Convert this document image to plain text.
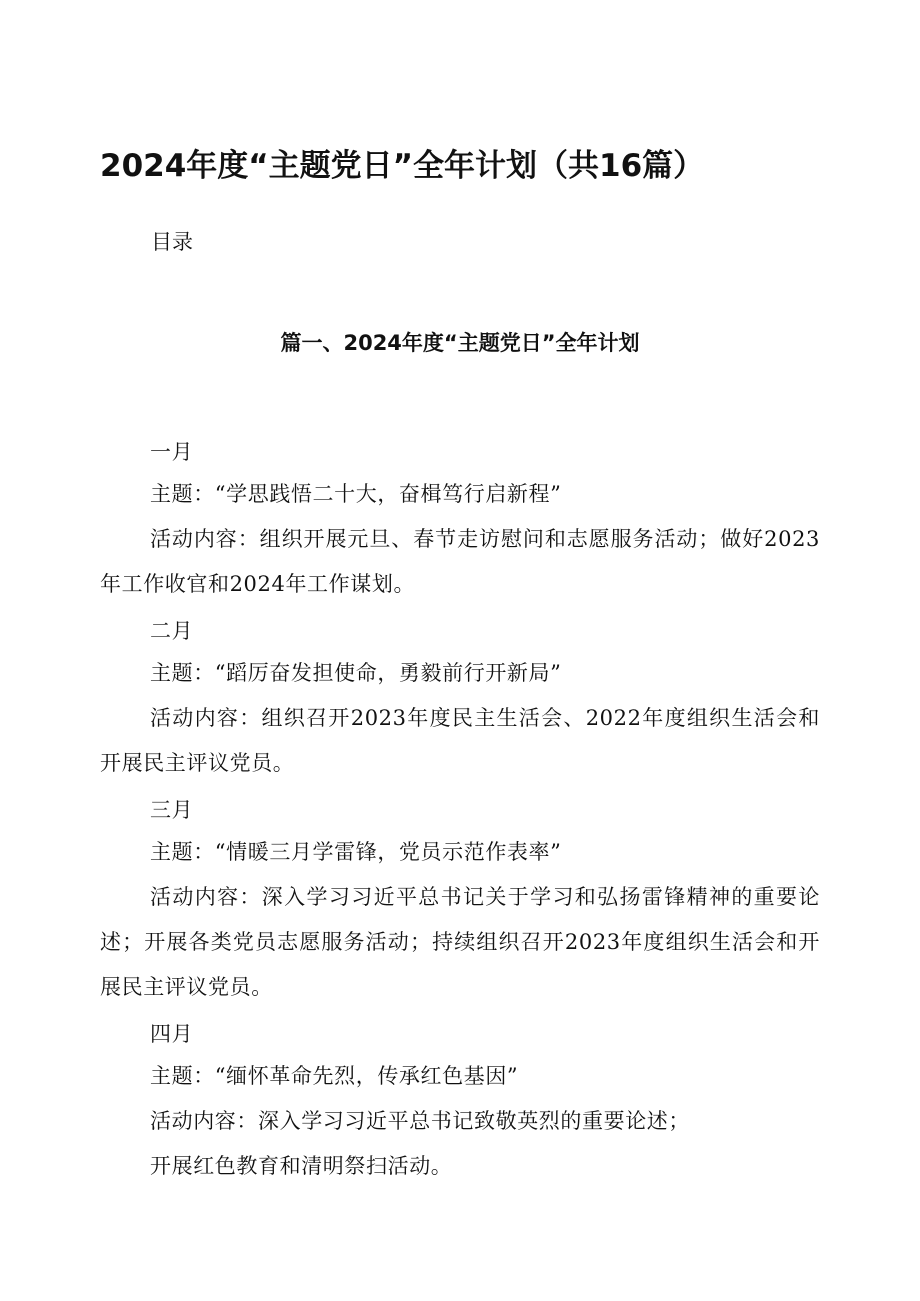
2024年度“主题党日”全年计划（共16篇）
目录
篇一、2024年度“主题党日”全年计划
一月

主题：“学思践悟二十大，奋楫笃行启新程”

活动内容：组织开展元旦、春节走访慰问和志愿服务活动；做好2023年工作收官和2024年工作谋划。

二月

主题：“蹈厉奋发担使命，勇毅前行开新局”

活动内容：组织召开2023年度民主生活会、2022年度组织生活会和开展民主评议党员。

三月

主题：“情暖三月学雷锋，党员示范作表率”

活动内容：深入学习习近平总书记关于学习和弘扬雷锋精神的重要论述；开展各类党员志愿服务活动；持续组织召开2023年度组织生活会和开展民主评议党员。

四月

主题：“缅怀革命先烈，传承红色基因”

活动内容：深入学习习近平总书记致敬英烈的重要论述；

开展红色教育和清明祭扫活动。
